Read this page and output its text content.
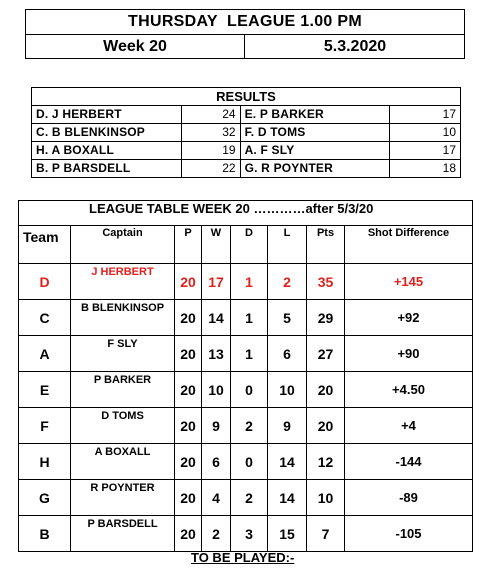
THURSDAY  LEAGUE 1.00 PM
Week 20	5.3.2020
RESULTS			
D. J HERBERT	24	E. P BARKER	17
C. B BLENKINSOP	32	F. D TOMS	10
H. A BOXALL	19	A. F SLY	17
B. P BARSDELL	22	G. R POYNTER	18
LEAGUE TABLE WEEK 20 …………after 5/3/20							
Team	Captain	P	W	D	L	Pts	Shot Difference
D	J HERBERT	20	17	1	2	35	+145
C	B BLENKINSOP	20	14	1	5	29	+92
A	F SLY	20	13	1	6	27	+90
E	P BARKER	20	10	0	10	20	+4.50
F	D TOMS	20	9	2	9	20	+4
H	A BOXALL	20	6	0	14	12	-144
G	R POYNTER	20	4	2	14	10	-89
B	P BARSDELL	20	2	3	15	7	-105
TO BE PLAYED:-
